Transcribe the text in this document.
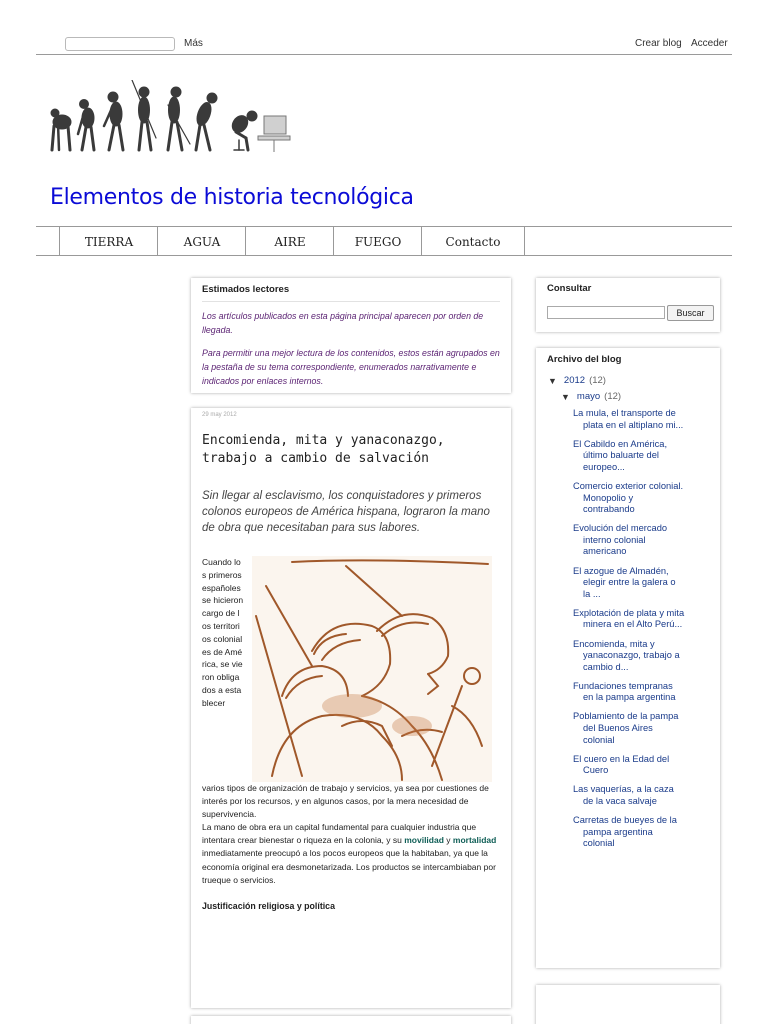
Más	Crear blog Acceder
Elementos de historia tecnológica
TIERRA	AGUA	AIRE	FUEGO	Contacto
Estimados lectores

Los artículos publicados en esta página principal aparecen por orden de llegada.

Para permitir una mejor lectura de los contenidos, estos están agrupados en la pestaña de su tema correspondiente, enumerados narrativamente e indicados por enlaces internos.

29 may 2012
Encomienda, mita y yanaconazgo, trabajo a cambio de salvación

Sin llegar al esclavismo, los conquistadores y primeros colonos europeos de América hispana, lograron la mano de obra que necesitaban para sus labores.

Cuando los primeros españoles se hicieron cargo de los territorios coloniales de América, se vieron obligados a establecer

varios tipos de organización de trabajo y servicios, ya sea por cuestiones de interés por los recursos, y en algunos casos, por la mera necesidad de supervivencia.

La mano de obra era un capital fundamental para cualquier industria que intentara crear bienestar o riqueza en la colonia, y su movilidad y mortalidad inmediatamente preocupó a los pocos europeos que la habitaban, ya que la economía original era desmonetarizada. Los productos se intercambiaban por trueque o servicios.

Justificación religiosa y política

Consultar
Buscar
Archivo del blog
▼ 2012 (12)
▼ mayo (12)
La mula, el transporte de plata en el altiplano mi...
El Cabildo en América, último baluarte del europeo...
Comercio exterior colonial. Monopolio y contrabando
Evolución del mercado interno colonial americano
El azogue de Almadén, elegir entre la galera o la ...
Explotación de plata y mita minera en el Alto Perú...
Encomienda, mita y yanaconazgo, trabajo a cambio d...
Fundaciones tempranas en la pampa argentina
Poblamiento de la pampa del Buenos Aires colonial
El cuero en la Edad del Cuero
Las vaquerías, a la caza de la vaca salvaje
Carretas de bueyes de la pampa argentina colonial
